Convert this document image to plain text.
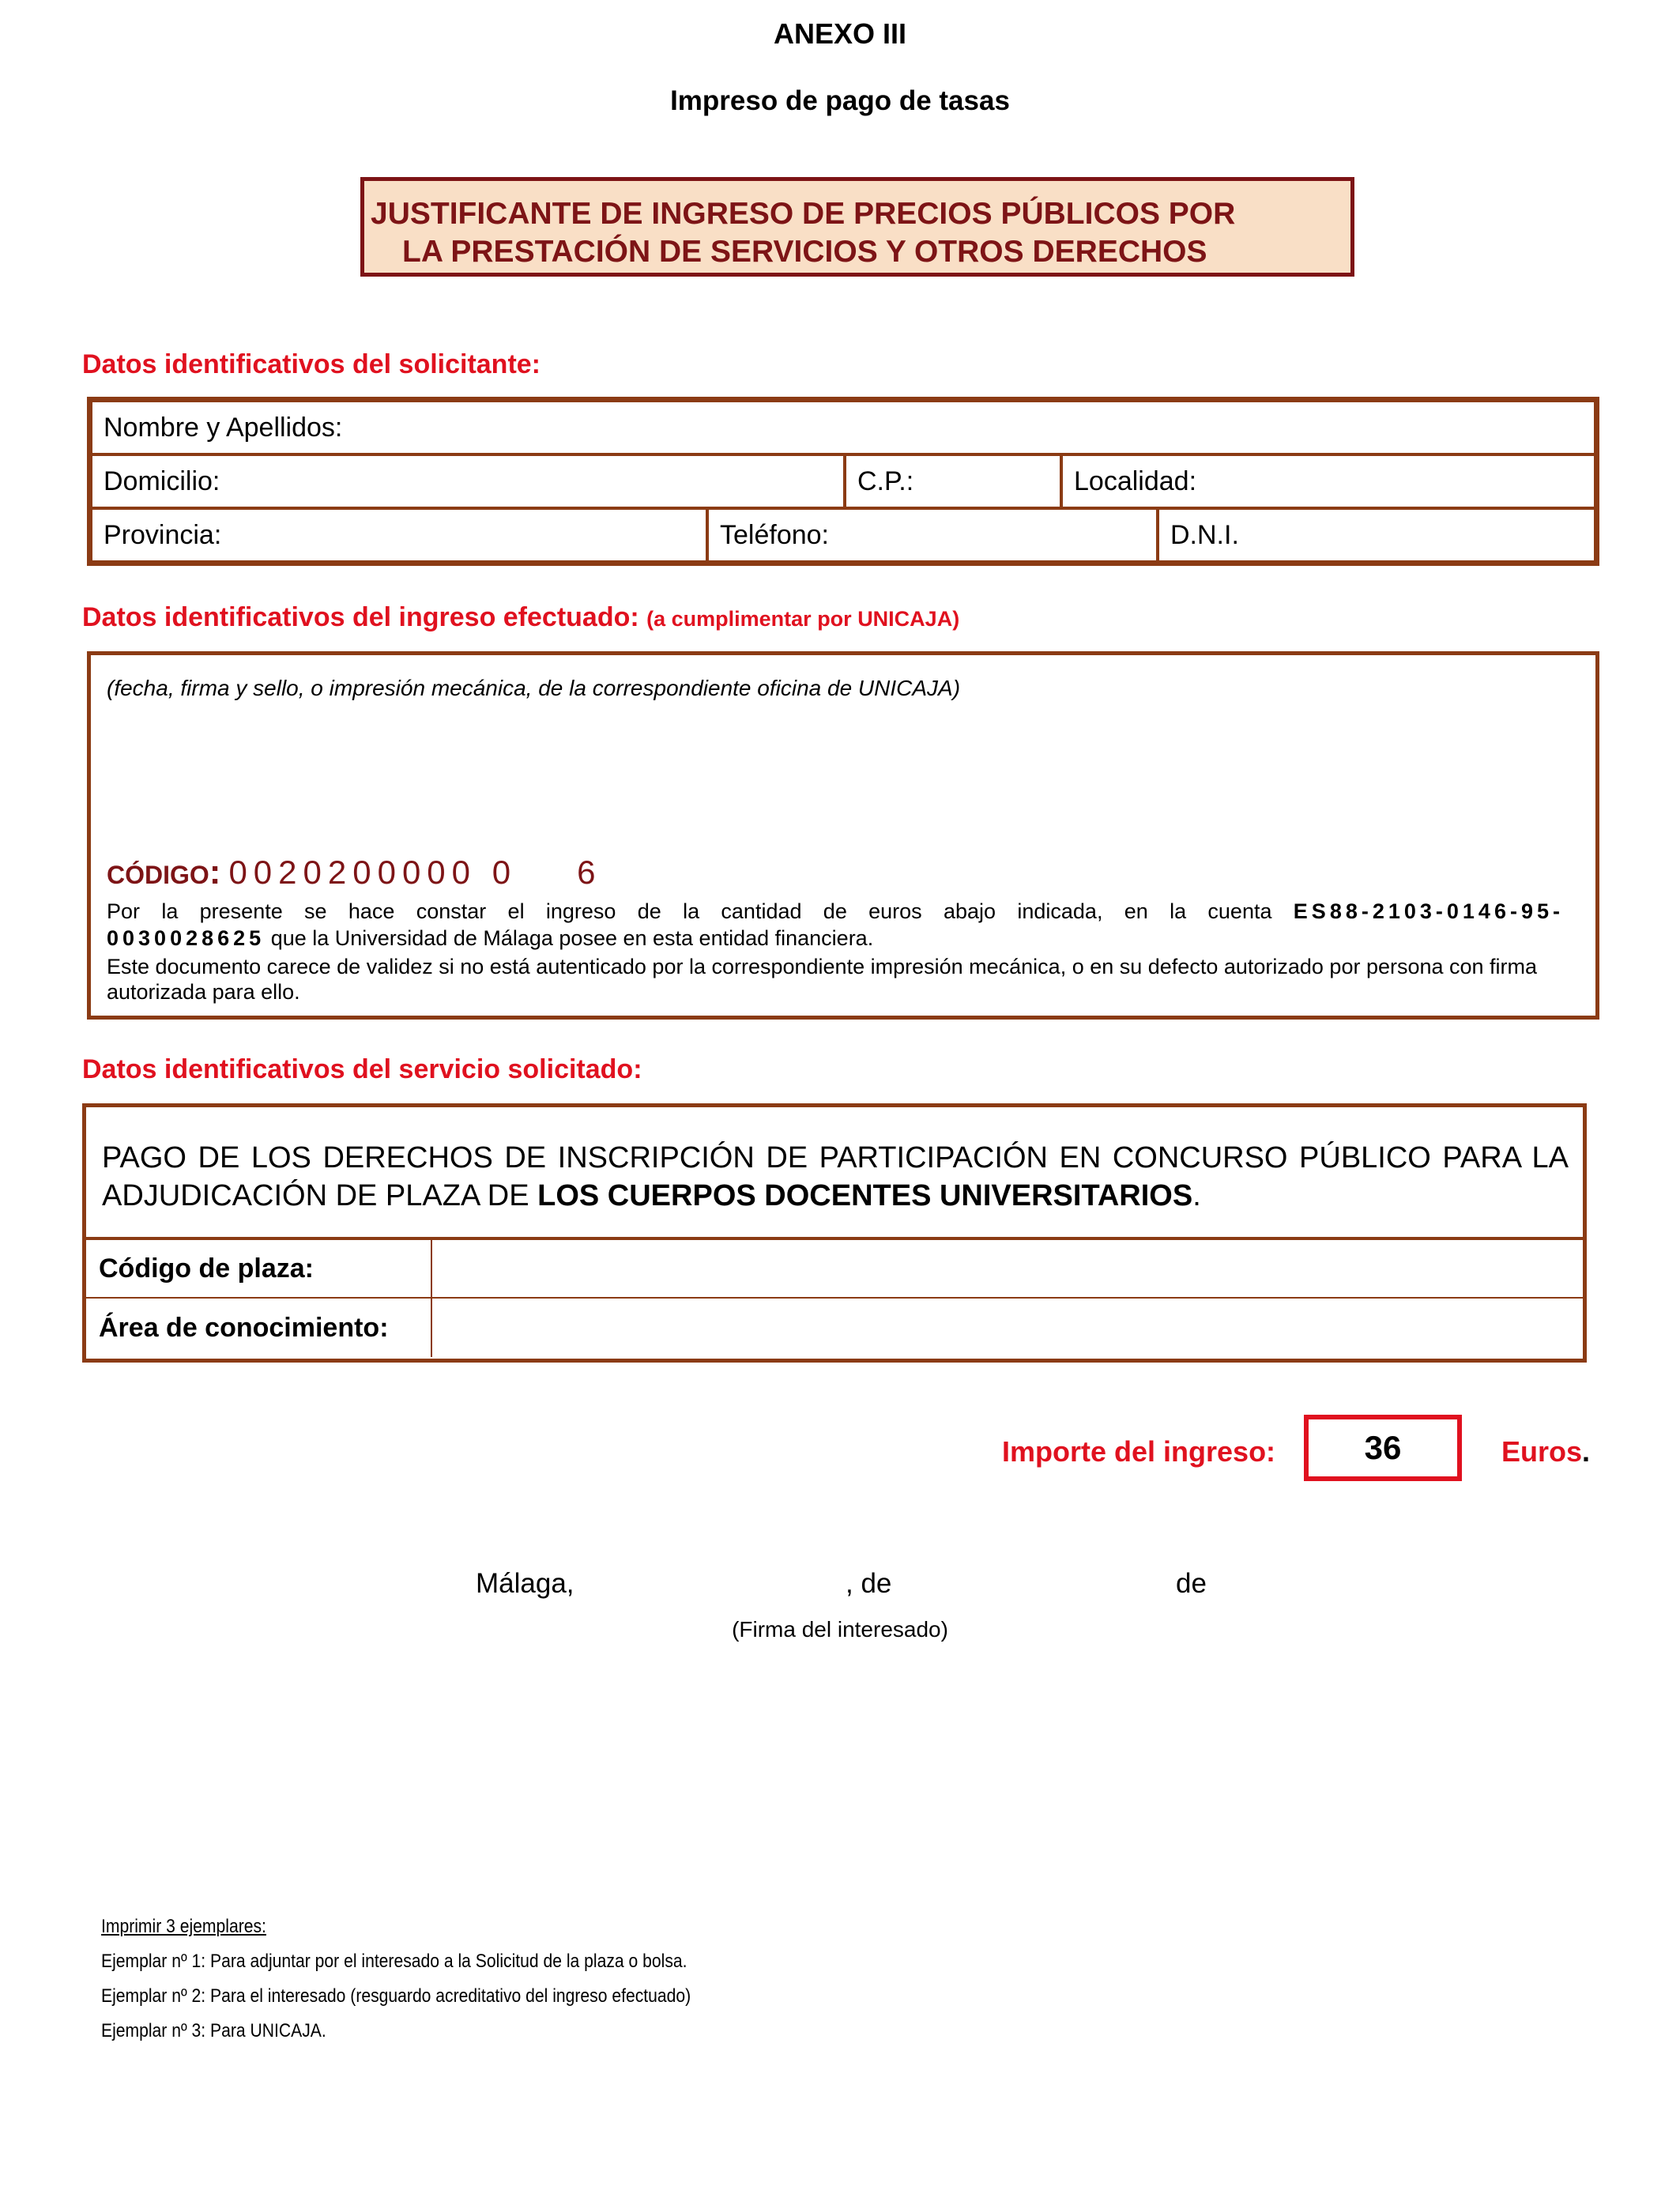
ANEXO III
Impreso de pago de tasas
JUSTIFICANTE DE INGRESO DE PRECIOS PÚBLICOS POR
LA PRESTACIÓN DE SERVICIOS Y OTROS DERECHOS
Datos identificativos del solicitante:
Nombre y Apellidos:
Domicilio:	C.P.:	Localidad:
Provincia:	Teléfono:	D.N.I.
Datos identificativos del ingreso efectuado: (a cumplimentar por UNICAJA)
(fecha, firma y sello, o impresión mecánica, de la correspondiente oficina de UNICAJA)
CÓDIGO: 0020200000 0 6
Por la presente se hace constar el ingreso de la cantidad de euros abajo indicada, en la cuenta ES88-2103-0146-95-
0030028625 que la Universidad de Málaga posee en esta entidad financiera.
Este documento carece de validez si no está autenticado por la correspondiente impresión mecánica, o en su defecto autorizado por persona con firma autorizada para ello.
Datos identificativos del servicio solicitado:
PAGO DE LOS DERECHOS DE INSCRIPCIÓN DE PARTICIPACIÓN EN CONCURSO PÚBLICO PARA LA ADJUDICACIÓN DE PLAZA DE LOS CUERPOS DOCENTES UNIVERSITARIOS.
Código de plaza:
Área de conocimiento:
Importe del ingreso:	36	Euros.
Málaga,	, de	de
(Firma del interesado)
Imprimir 3 ejemplares:
Ejemplar nº 1: Para adjuntar por el interesado a la Solicitud de la plaza o bolsa.
Ejemplar nº 2: Para el interesado (resguardo acreditativo del ingreso efectuado)
Ejemplar nº 3: Para UNICAJA.
